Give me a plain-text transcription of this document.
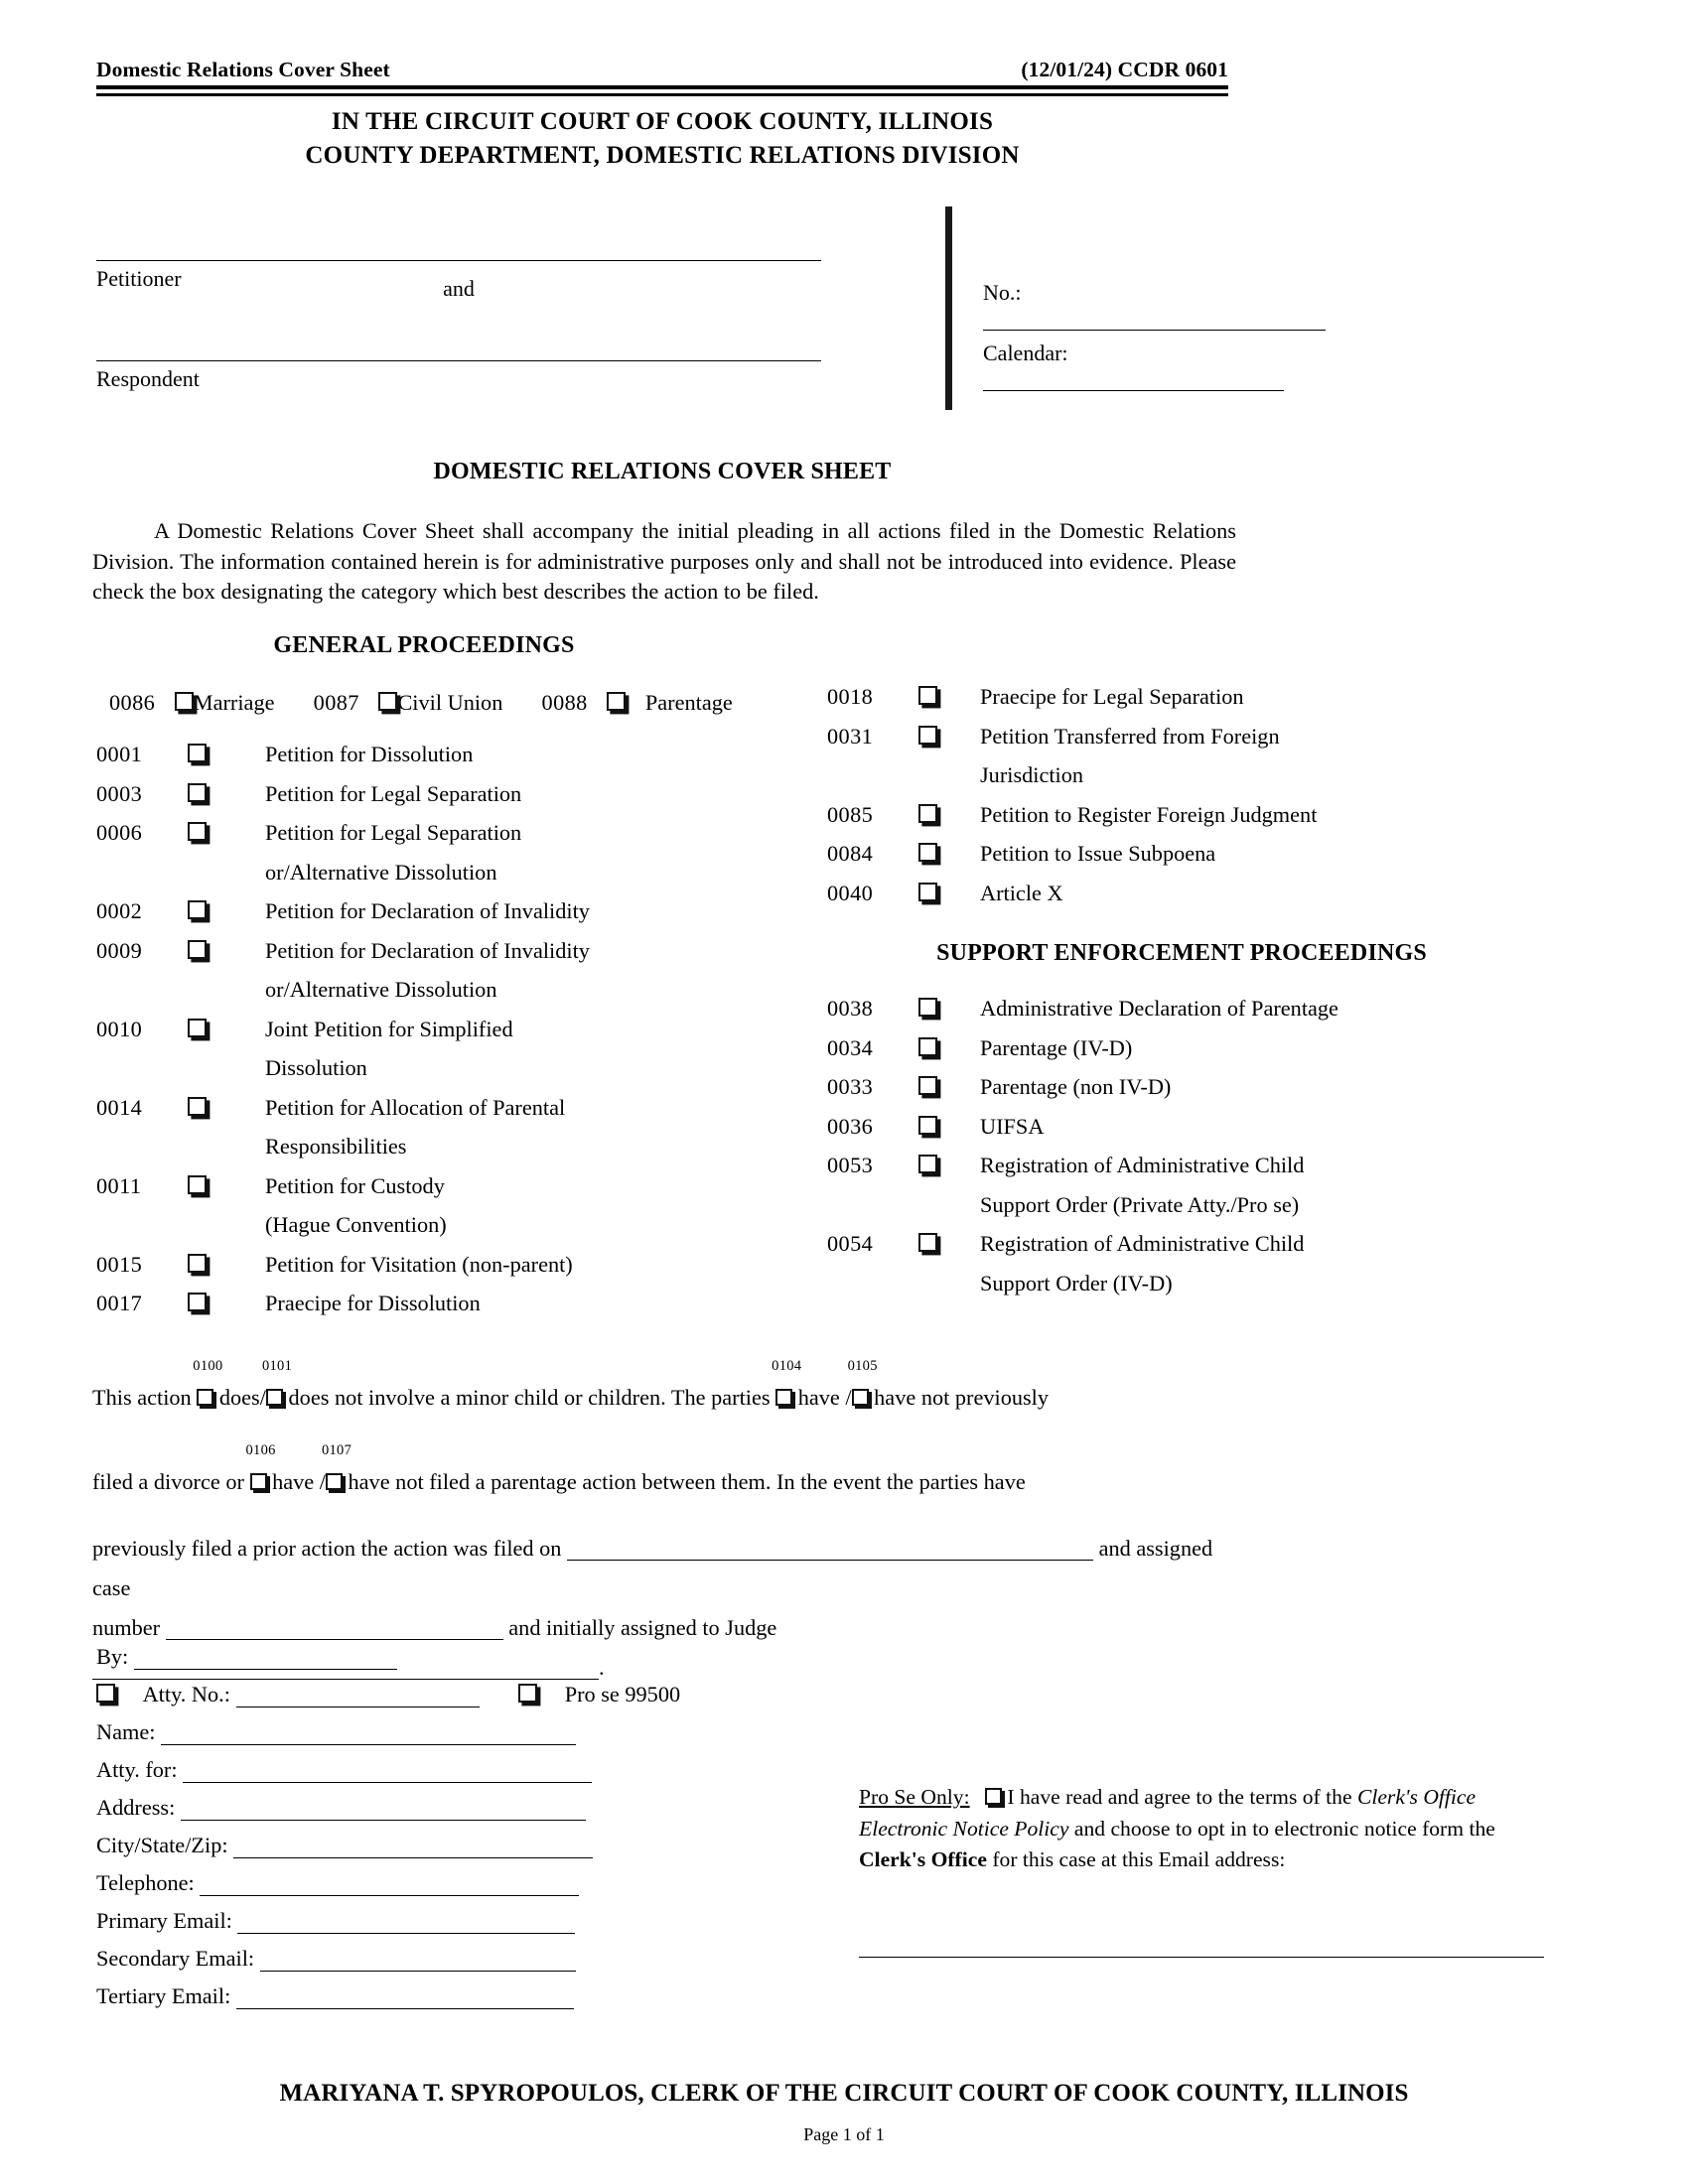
Domestic Relations Cover Sheet	(12/01/24) CCDR 0601
IN THE CIRCUIT COURT OF COOK COUNTY, ILLINOIS
COUNTY DEPARTMENT, DOMESTIC RELATIONS DIVISION
Petitioner	and
Respondent
No.:
Calendar:
DOMESTIC RELATIONS COVER SHEET
A Domestic Relations Cover Sheet shall accompany the initial pleading in all actions filed in the Domestic Relations Division. The information contained herein is for administrative purposes only and shall not be introduced into evidence. Please check the box designating the category which best describes the action to be filed.
GENERAL PROCEEDINGS
0086 Marriage 0087 Civil Union 0088	Parentage
0001	Petition for Dissolution
0003	Petition for Legal Separation
0006	Petition for Legal Separation
or/Alternative Dissolution
0002	Petition for Declaration of Invalidity
0009	Petition for Declaration of Invalidity
or/Alternative Dissolution
0010	Joint Petition for Simplified
Dissolution
0014	Petition for Allocation of Parental
Responsibilities
0011	Petition for Custody
(Hague Convention)
0015	Petition for Visitation (non-parent)
0017	Praecipe for Dissolution
0018	Praecipe for Legal Separation
0031	Petition Transferred from Foreign
Jurisdiction
0085	Petition to Register Foreign Judgment
0084	Petition to Issue Subpoena
0040	Article X
SUPPORT ENFORCEMENT PROCEEDINGS
0038	Administrative Declaration of Parentage
0034	Parentage (IV-D)
0033	Parentage (non IV-D)
0036	UIFSA
0053	Registration of Administrative Child
Support Order (Private Atty./Pro se)
0054	Registration of Administrative Child
Support Order (IV-D)
This action
0100
does/
0101
does not involve a minor child or children. The parties
0104
have /
0105
have not previously
filed a divorce or
0106
have /
0107
have not filed a parentage action between them. In the event the parties have
previously filed a prior action the action was filed on	and assigned case
number	and initially assigned to Judge .
By:
Atty. No.:	Pro se 99500
Name:
Atty. for:
Address:
City/State/Zip:
Telephone:
Primary Email:
Secondary Email:
Tertiary Email:
Pro Se Only: I have read and agree to the terms of the Clerk's Office Electronic Notice Policy and choose to opt in to electronic notice form the Clerk's Office for this case at this Email address:
MARIYANA T. SPYROPOULOS, CLERK OF THE CIRCUIT COURT OF COOK COUNTY, ILLINOIS
Page 1 of 1
